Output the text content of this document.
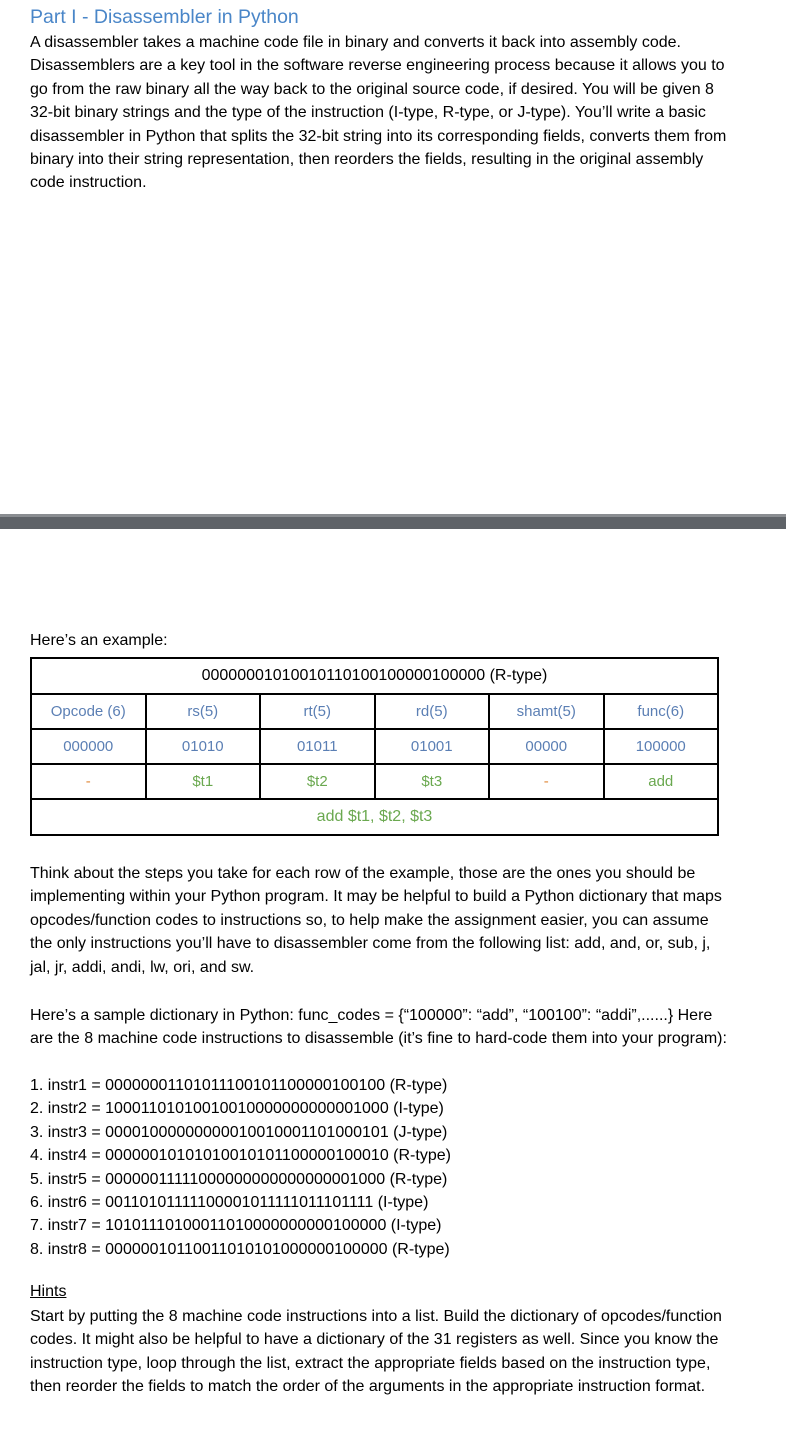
Part I - Disassembler in Python

A disassembler takes a machine code file in binary and converts it back into assembly code. Disassemblers are a key tool in the software reverse engineering process because it allows you to go from the raw binary all the way back to the original source code, if desired. You will be given 8 32-bit binary strings and the type of the instruction (I-type, R-type, or J-type). You’ll write a basic disassembler in Python that splits the 32-bit string into its corresponding fields, converts them from binary into their string representation, then reorders the fields, resulting in the original assembly code instruction.

Here’s an example:

00000001010010110100100000100000 (R-type)					
Opcode (6)	rs(5)	rt(5)	rd(5)	shamt(5)	func(6)
000000	01010	01011	01001	00000	100000
-	$t1	$t2	$t3	-	add
add $t1, $t2, $t3					

Think about the steps you take for each row of the example, those are the ones you should be implementing within your Python program. It may be helpful to build a Python dictionary that maps opcodes/function codes to instructions so, to help make the assignment easier, you can assume the only instructions you’ll have to disassembler come from the following list: add, and, or, sub, j, jal, jr, addi, andi, lw, ori, and sw.

Here’s a sample dictionary in Python: func_codes = {“100000”: “add”, “100100”: “addi”,......} Here are the 8 machine code instructions to disassemble (it’s fine to hard-code them into your program):

1. instr1 = 00000001101011100101100000100100 (R-type)
2. instr2 = 10001101010010010000000000001000 (I-type)
3. instr3 = 00001000000000010010001101000101 (J-type)
4. instr4 = 00000010101010010101100000100010 (R-type)
5. instr5 = 00000011111000000000000000001000 (R-type)
6. instr6 = 00110101111100001011111011101111 (I-type)
7. instr7 = 10101110100011010000000000100000 (I-type)
8. instr8 = 00000010110011010101000000100000 (R-type)

Hints

Start by putting the 8 machine code instructions into a list. Build the dictionary of opcodes/function codes. It might also be helpful to have a dictionary of the 31 registers as well. Since you know the instruction type, loop through the list, extract the appropriate fields based on the instruction type, then reorder the fields to match the order of the arguments in the appropriate instruction format.
